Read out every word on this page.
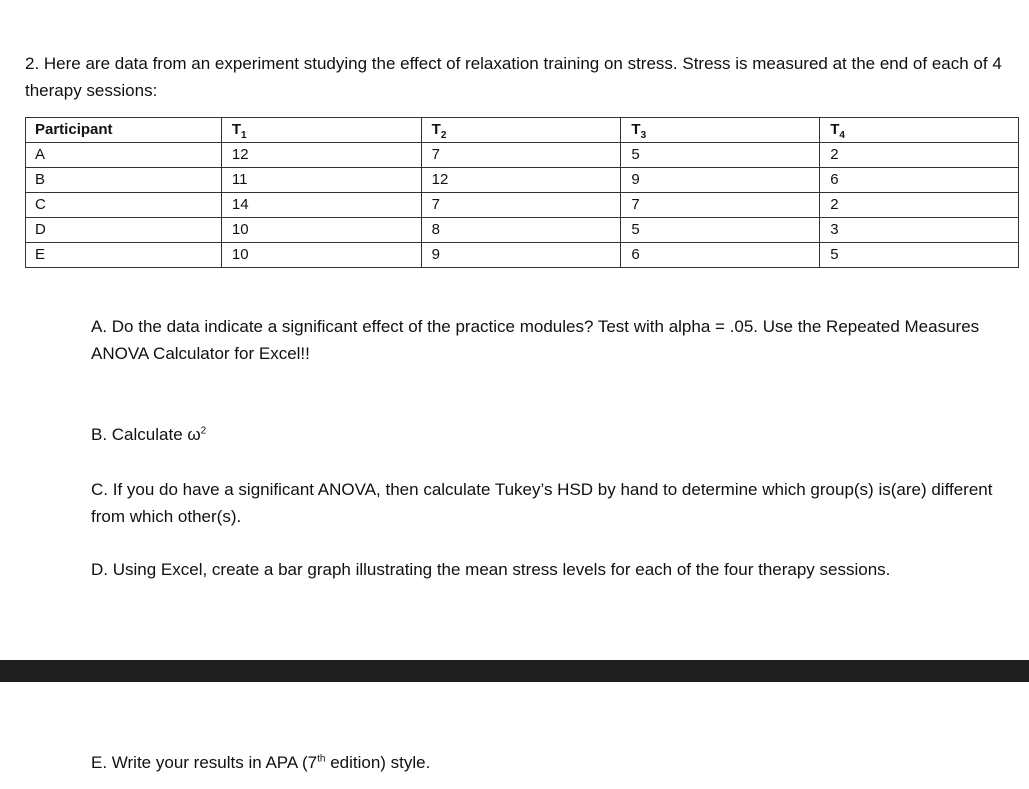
2. Here are data from an experiment studying the effect of relaxation training on stress. Stress is measured at the end of each of 4 therapy sessions:

Participant	$T_1$	$T_2$	$T_3$	$T_4$
A	12	7	5	2
B	11	12	9	6
C	14	7	7	2
D	10	8	5	3
E	10	9	6	5

A. Do the data indicate a significant effect of the practice modules? Test with alpha = .05. Use the Repeated Measures ANOVA Calculator for Excel!!

B. Calculate $\omega^2$

C. If you do have a significant ANOVA, then calculate Tukey’s HSD by hand to determine which group(s) is(are) different from which other(s).

D. Using Excel, create a bar graph illustrating the mean stress levels for each of the four therapy sessions.

E. Write your results in APA (7th edition) style.
